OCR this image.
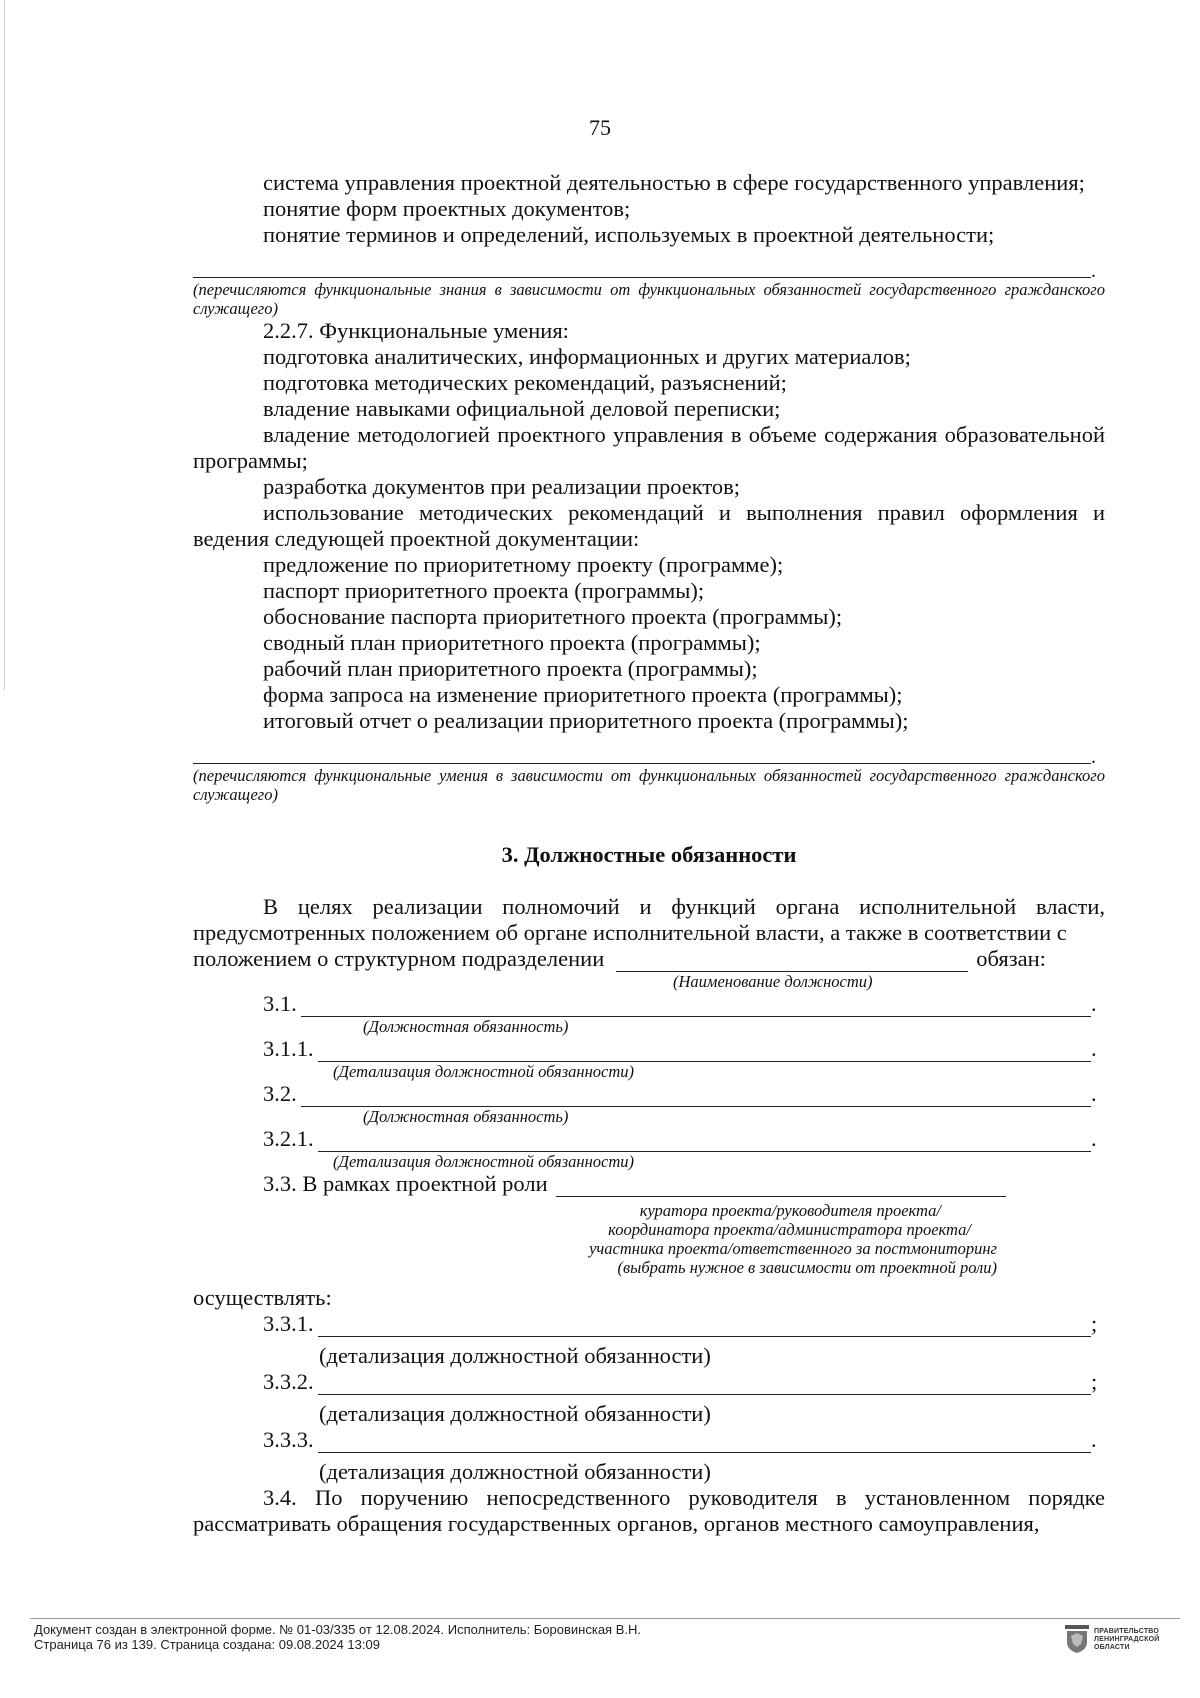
75

система управления проектной деятельностью в сфере государственного управления;

понятие форм проектных документов;

понятие терминов и определений, используемых в проектной деятельности;

.

(перечисляются функциональные знания в зависимости от функциональных обязанностей государственного гражданского служащего)

2.2.7. Функциональные умения:

подготовка аналитических, информационных и других материалов;

подготовка методических рекомендаций, разъяснений;

владение навыками официальной деловой переписки;

владение методологией проектного управления в объеме содержания образовательной программы;

разработка документов при реализации проектов;

использование методических рекомендаций и выполнения правил оформления и ведения следующей проектной документации:

предложение по приоритетному проекту (программе);

паспорт приоритетного проекта (программы);

обоснование паспорта приоритетного проекта (программы);

сводный план приоритетного проекта (программы);

рабочий план приоритетного проекта (программы);

форма запроса на изменение приоритетного проекта (программы);

итоговый отчет о реализации приоритетного проекта (программы);

.

(перечисляются функциональные умения в зависимости от функциональных обязанностей государственного гражданского служащего)

3. Должностные обязанности

В целях реализации полномочий и функций органа исполнительной власти, предусмотренных положением об органе исполнительной власти, а также в соответствии с

положением о структурном подразделении	обязан:
(Наименование должности)
3.1.	.
(Должностная обязанность)
3.1.1.	.
(Детализация должностной обязанности)
3.2.	.
(Должностная обязанность)
3.2.1.	.
(Детализация должностной обязанности)
3.3. В рамках проектной роли
куратора проекта/руководителя проекта/
координатора проекта/администратора проекта/
участника проекта/ответственного за постмониторинг
(выбрать нужное в зависимости от проектной роли)

осуществлять:

3.3.1.	;
(детализация должностной обязанности)
3.3.2.	;
(детализация должностной обязанности)
3.3.3.	.
(детализация должностной обязанности)

3.4. По поручению непосредственного руководителя в установленном порядке рассматривать обращения государственных органов, органов местного самоуправления,

Документ создан в электронной форме. № 01-03/335 от 12.08.2024. Исполнитель: Боровинская В.Н.
Страница 76 из 139. Страница создана: 09.08.2024 13:09
ПРАВИТЕЛЬСТВО
ЛЕНИНГРАДСКОЙ
ОБЛАСТИ
